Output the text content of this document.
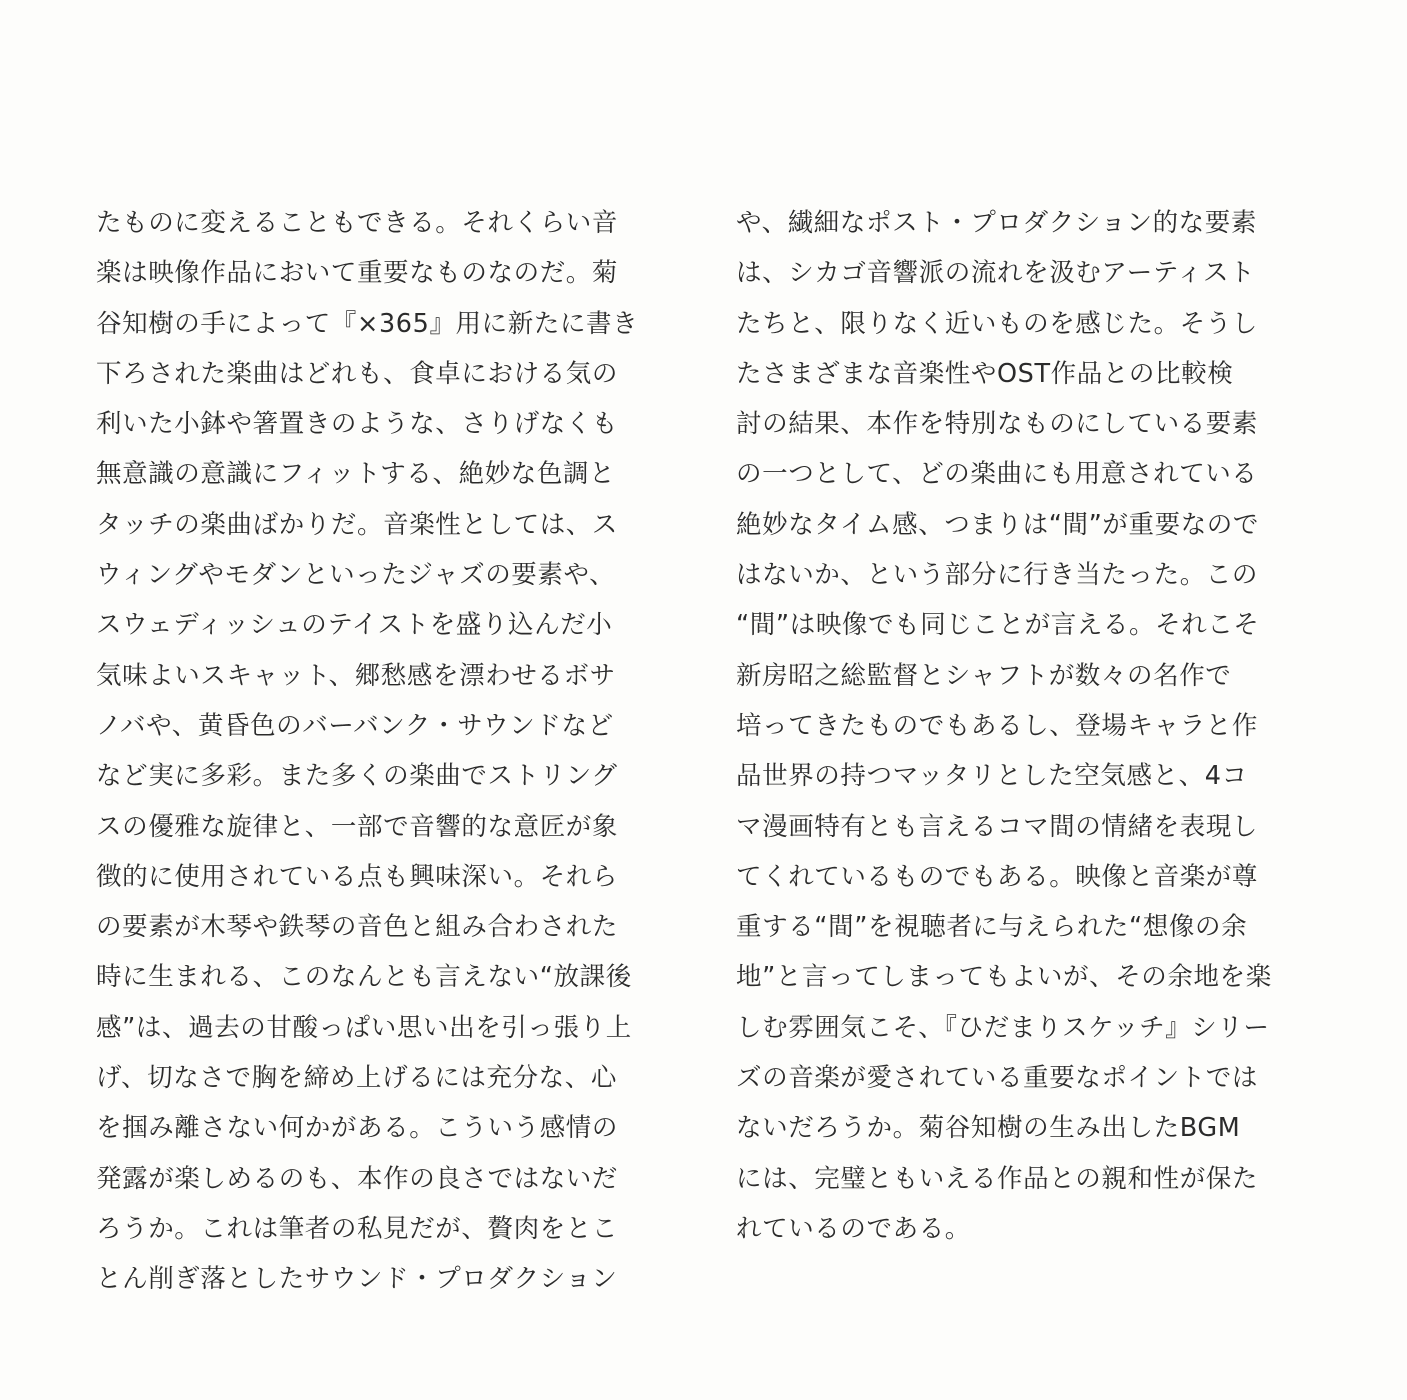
たものに変えることもできる。それくらい音
楽は映像作品において重要なものなのだ。菊
谷知樹の手によって『×365』用に新たに書き
下ろされた楽曲はどれも、食卓における気の
利いた小鉢や箸置きのような、さりげなくも
無意識の意識にフィットする、絶妙な色調と
タッチの楽曲ばかりだ。音楽性としては、ス
ウィングやモダンといったジャズの要素や、
スウェディッシュのテイストを盛り込んだ小
気味よいスキャット、郷愁感を漂わせるボサ
ノバや、黄昏色のバーバンク・サウンドなど
など実に多彩。また多くの楽曲でストリング
スの優雅な旋律と、一部で音響的な意匠が象
徴的に使用されている点も興味深い。それら
の要素が木琴や鉄琴の音色と組み合わされた
時に生まれる、このなんとも言えない“放課後
感”は、過去の甘酸っぱい思い出を引っ張り上
げ、切なさで胸を締め上げるには充分な、心
を掴み離さない何かがある。こういう感情の
発露が楽しめるのも、本作の良さではないだ
ろうか。これは筆者の私見だが、贅肉をとこ
とん削ぎ落としたサウンド・プロダクション
や、繊細なポスト・プロダクション的な要素
は、シカゴ音響派の流れを汲むアーティスト
たちと、限りなく近いものを感じた。そうし
たさまざまな音楽性やOST作品との比較検
討の結果、本作を特別なものにしている要素
の一つとして、どの楽曲にも用意されている
絶妙なタイム感、つまりは“間”が重要なので
はないか、という部分に行き当たった。この
“間”は映像でも同じことが言える。それこそ
新房昭之総監督とシャフトが数々の名作で
培ってきたものでもあるし、登場キャラと作
品世界の持つマッタリとした空気感と、4コ
マ漫画特有とも言えるコマ間の情緒を表現し
てくれているものでもある。映像と音楽が尊
重する“間”を視聴者に与えられた“想像の余
地”と言ってしまってもよいが、その余地を楽
しむ雰囲気こそ、『ひだまりスケッチ』シリー
ズの音楽が愛されている重要なポイントでは
ないだろうか。菊谷知樹の生み出したBGM
には、完璧ともいえる作品との親和性が保た
れているのである。
